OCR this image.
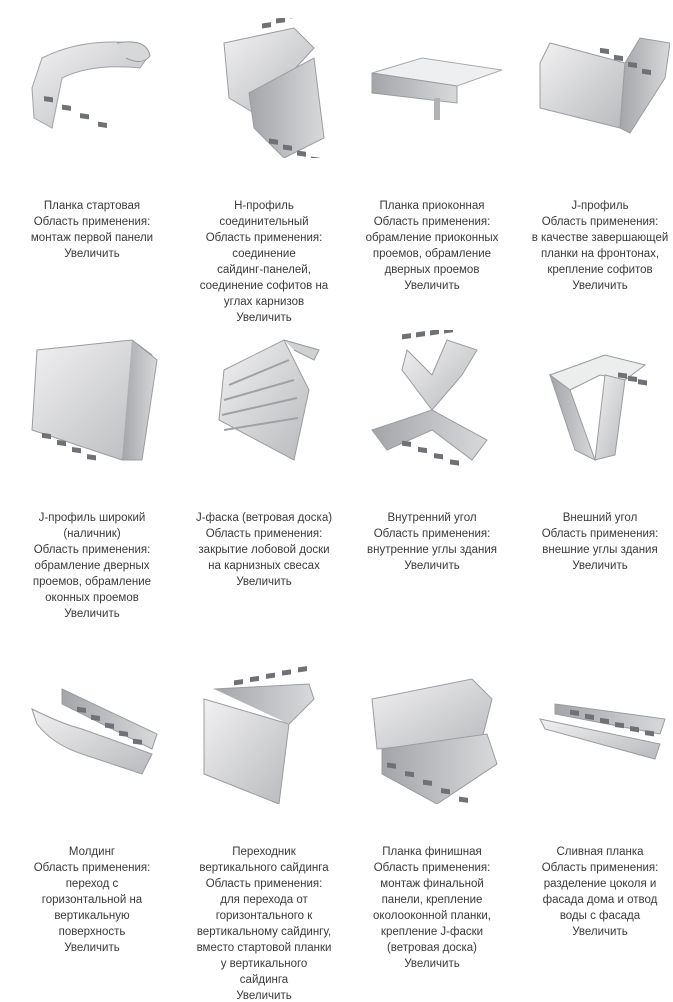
Планка стартовая
Область применения:
монтаж первой панели
Увеличить
Н-профиль
соединительный
Область применения:
соединение
сайдинг-панелей,
соединение софитов на
углах карнизов
Увеличить
Планка приоконная
Область применения:
обрамление приоконных
проемов, обрамление
дверных проемов
Увеличить
J-профиль
Область применения:
в качестве завершающей
планки на фронтонах,
крепление софитов
Увеличить
J-профиль широкий
(наличник)
Область применения:
обрамление дверных
проемов, обрамление
оконных проемов
Увеличить
J-фаска (ветровая доска)
Область применения:
закрытие лобовой доски
на карнизных свесах
Увеличить
Внутренний угол
Область применения:
внутренние углы здания
Увеличить
Внешний угол
Область применения:
внешние углы здания
Увеличить
Молдинг
Область применения:
переход с
горизонтальной на
вертикальную
поверхность
Увеличить
Переходник
вертикального сайдинга
Область применения:
для перехода от
горизонтального к
вертикальному сайдингу,
вместо стартовой планки
у вертикального
сайдинга
Увеличить
Планка финишная
Область применения:
монтаж финальной
панели, крепление
околооконной планки,
крепление J-фаски
(ветровая доска)
Увеличить
Сливная планка
Область применения:
разделение цоколя и
фасада дома и отвод
воды с фасада
Увеличить
